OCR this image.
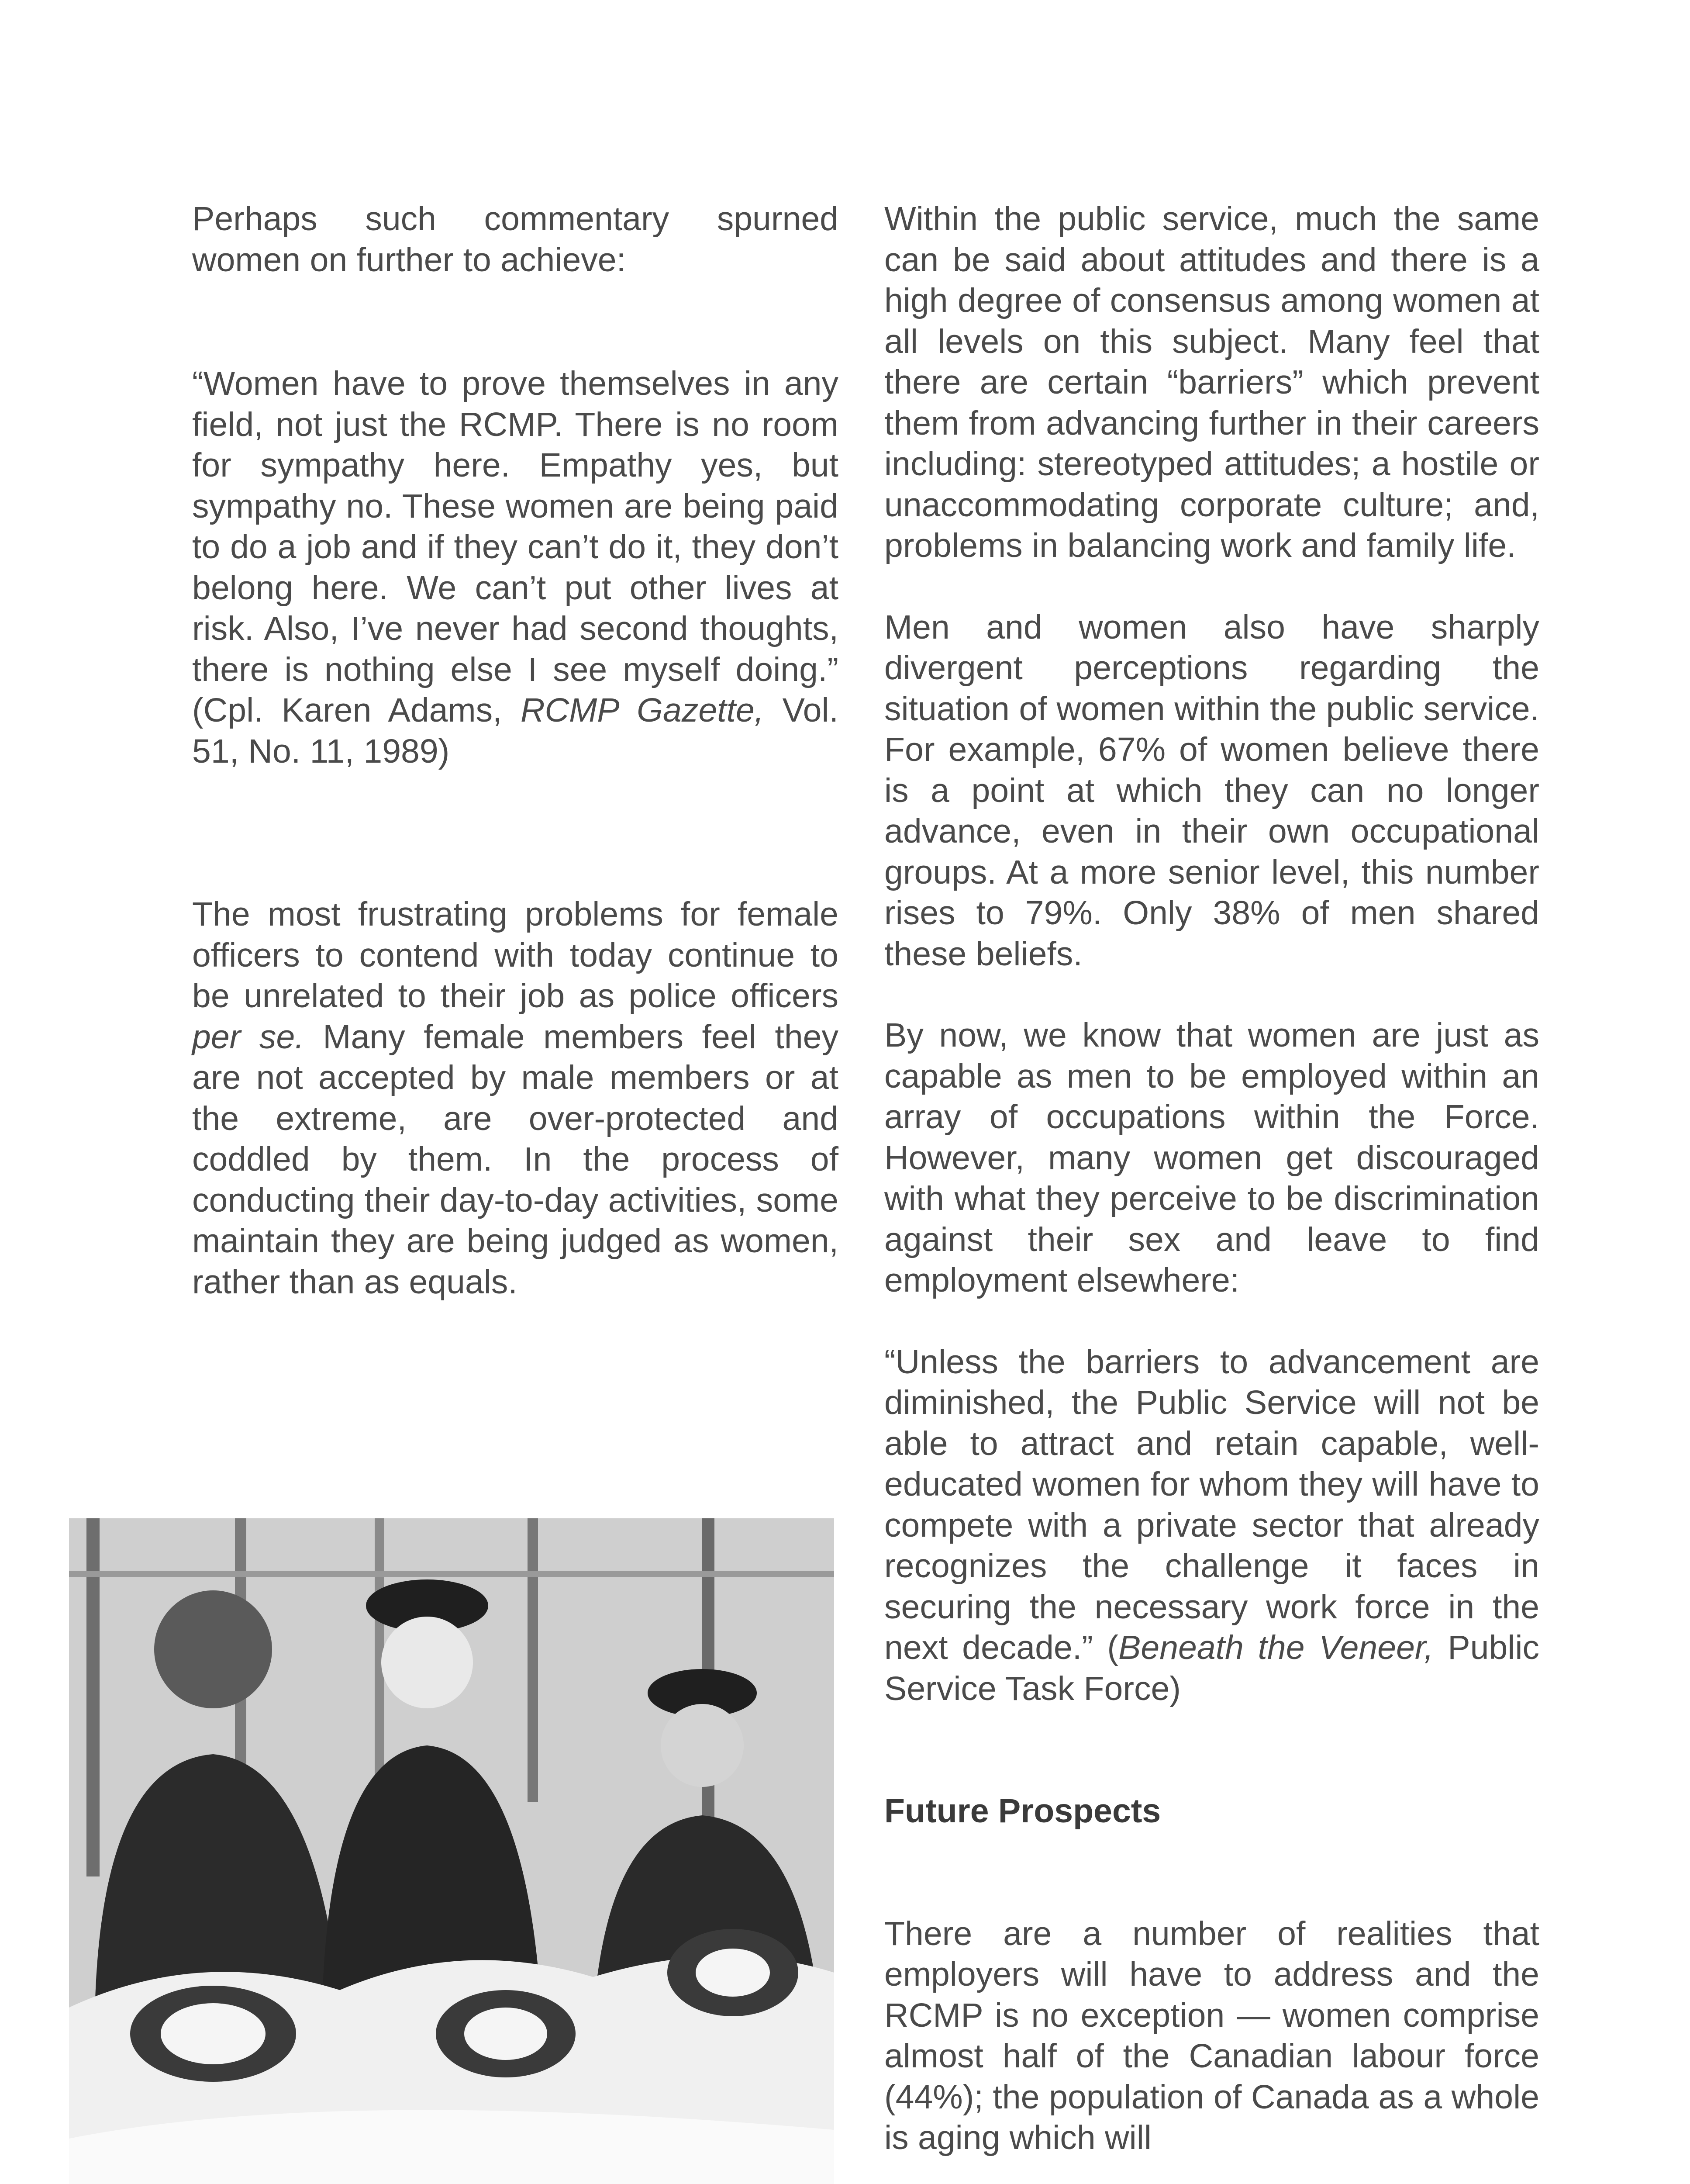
Perhaps such commentary spurned women on further to achieve:

“Women have to prove themselves in any field, not just the RCMP. There is no room for sympathy here. Empathy yes, but sympathy no. These women are being paid to do a job and if they can’t do it, they don’t belong here. We can’t put other lives at risk. Also, I’ve never had second thoughts, there is nothing else I see myself doing.” (Cpl. Karen Adams, RCMP Gazette, Vol. 51, No. 11, 1989)

The most frustrating problems for female officers to contend with today continue to be unrelated to their job as police officers per se. Many female members feel they are not accepted by male members or at the extreme, are over-protected and coddled by them. In the process of conducting their day-to-day activities, some maintain they are being judged as women, rather than as equals.

Within the public service, much the same can be said about attitudes and there is a high degree of consensus among women at all levels on this subject. Many feel that there are certain “barriers” which prevent them from advancing further in their careers including: stereotyped attitudes; a hostile or unaccommodating corporate culture; and, problems in balancing work and family life.

Men and women also have sharply divergent perceptions regarding the situation of women within the public service. For example, 67% of women believe there is a point at which they can no longer advance, even in their own occupational groups. At a more senior level, this number rises to 79%. Only 38% of men shared these beliefs.

By now, we know that women are just as capable as men to be employed within an array of occupations within the Force. However, many women get discouraged with what they perceive to be discrimination against their sex and leave to find employment elsewhere:

“Unless the barriers to advancement are diminished, the Public Service will not be able to attract and retain capable, well-educated women for whom they will have to compete with a private sector that already recognizes the challenge it faces in securing the necessary work force in the next decade.” (Beneath the Veneer, Public Service Task Force)

Future Prospects

There are a number of realities that employers will have to address and the RCMP is no exception — women comprise almost half of the Canadian labour force (44%); the population of Canada as a whole is aging which will
